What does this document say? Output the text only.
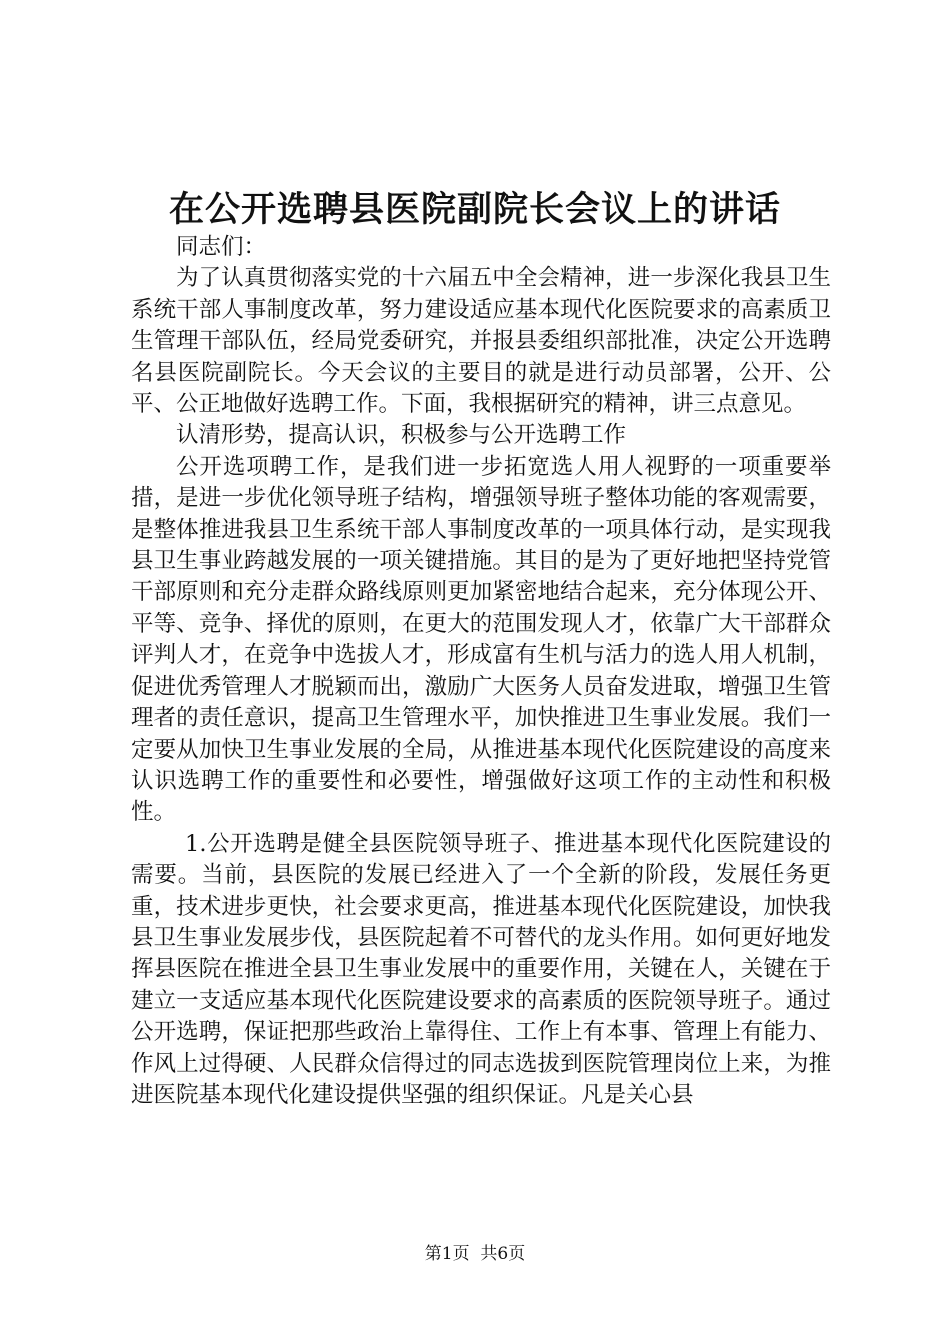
在公开选聘县医院副院长会议上的讲话

同志们：

为了认真贯彻落实党的十六届五中全会精神，进一步深化我县卫生系统干部人事制度改革，努力建设适应基本现代化医院要求的高素质卫生管理干部队伍，经局党委研究，并报县委组织部批准，决定公开选聘名县医院副院长。今天会议的主要目的就是进行动员部署，公开、公平、公正地做好选聘工作。下面，我根据研究的精神，讲三点意见。

认清形势，提高认识，积极参与公开选聘工作

公开选项聘工作，是我们进一步拓宽选人用人视野的一项重要举措，是进一步优化领导班子结构，增强领导班子整体功能的客观需要，是整体推进我县卫生系统干部人事制度改革的一项具体行动，是实现我县卫生事业跨越发展的一项关键措施。其目的是为了更好地把坚持党管干部原则和充分走群众路线原则更加紧密地结合起来，充分体现公开、平等、竞争、择优的原则，在更大的范围发现人才，依靠广大干部群众评判人才，在竞争中选拔人才，形成富有生机与活力的选人用人机制，促进优秀管理人才脱颖而出，激励广大医务人员奋发进取，增强卫生管理者的责任意识，提高卫生管理水平，加快推进卫生事业发展。我们一定要从加快卫生事业发展的全局，从推进基本现代化医院建设的高度来认识选聘工作的重要性和必要性，增强做好这项工作的主动性和积极性。

1.公开选聘是健全县医院领导班子、推进基本现代化医院建设的需要。当前，县医院的发展已经进入了一个全新的阶段，发展任务更重，技术进步更快，社会要求更高，推进基本现代化医院建设，加快我县卫生事业发展步伐，县医院起着不可替代的龙头作用。如何更好地发挥县医院在推进全县卫生事业发展中的重要作用，关键在人，关键在于建立一支适应基本现代化医院建设要求的高素质的医院领导班子。通过公开选聘，保证把那些政治上靠得住、工作上有本事、管理上有能力、作风上过得硬、人民群众信得过的同志选拔到医院管理岗位上来，为推进医院基本现代化建设提供坚强的组织保证。凡是关心县

第1页 共6页
